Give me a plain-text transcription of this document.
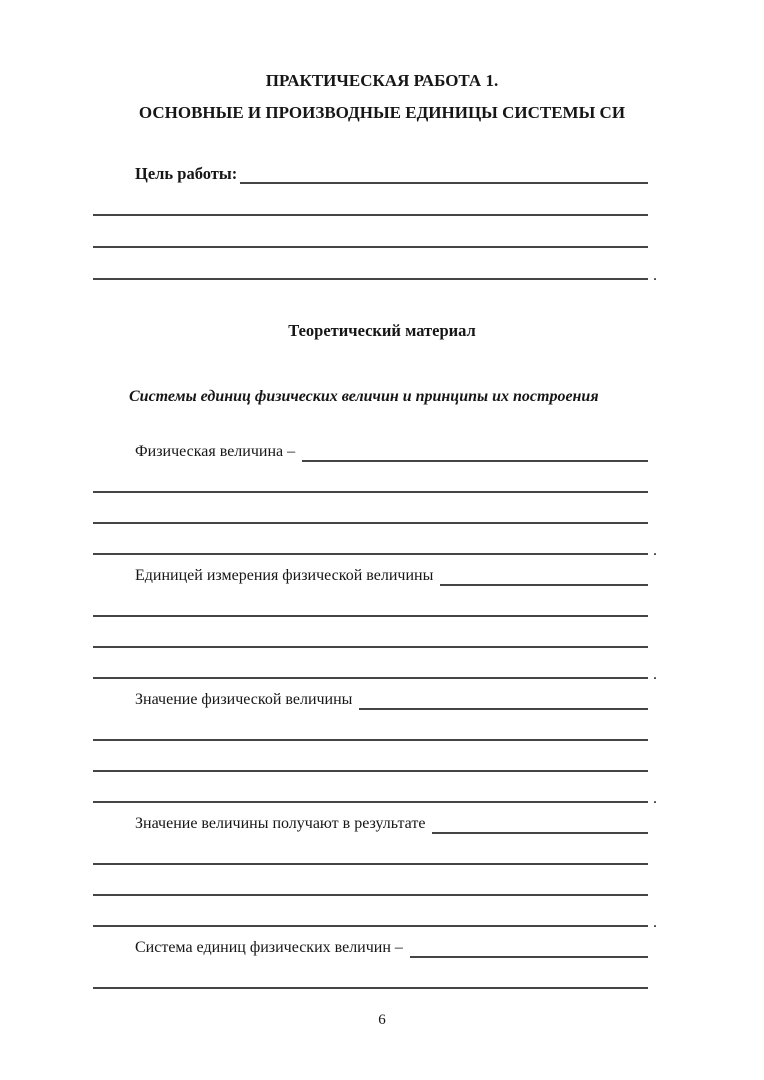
ПРАКТИЧЕСКАЯ РАБОТА 1.
ОСНОВНЫЕ И ПРОИЗВОДНЫЕ ЕДИНИЦЫ СИСТЕМЫ СИ
Цель работы:
.
Теоретический материал
Системы единиц физических величин и принципы их построения
Физическая величина –
.
Единицей измерения физической величины
.
Значение физической величины
.
Значение величины получают в результате
.
Система единиц физических величин –
6
